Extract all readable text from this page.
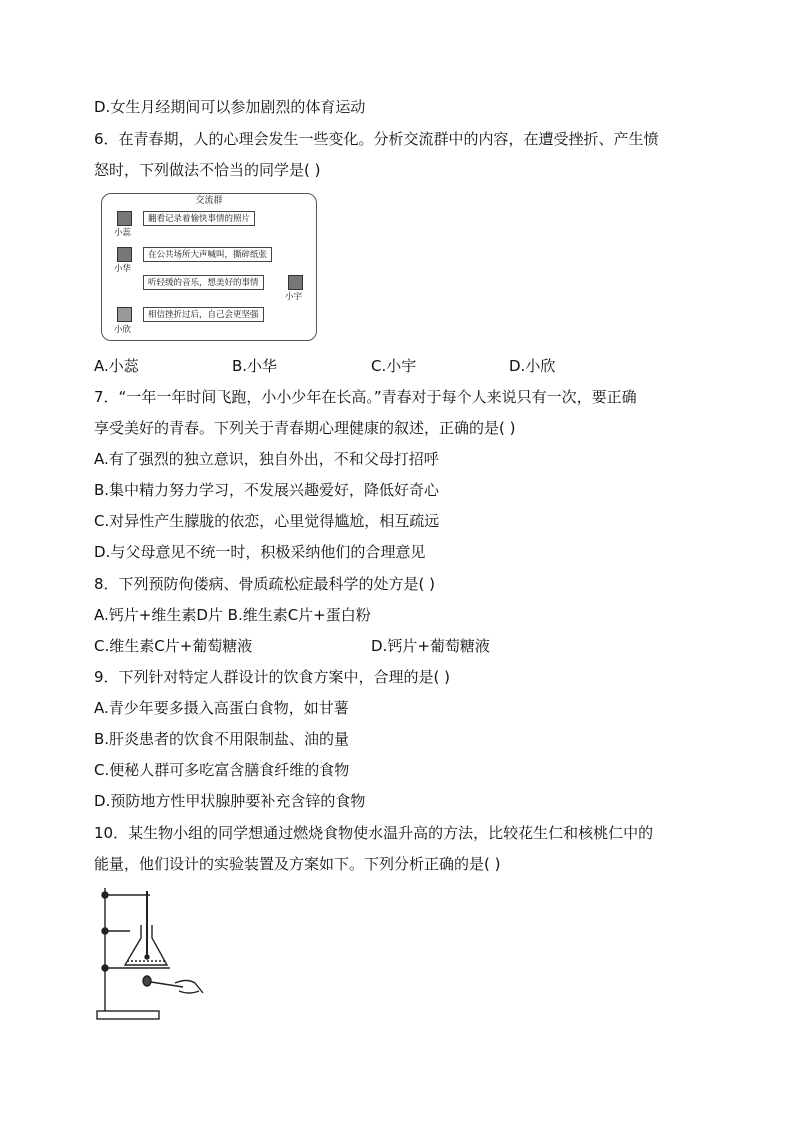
D.女生月经期间可以参加剧烈的体育运动
6．在青春期，人的心理会发生一些变化。分析交流群中的内容，在遭受挫折、产生愤
怒时，下列做法不恰当的同学是( )
交流群
小蕊
翻看记录着愉快事情的照片
小华
在公共场所大声喊叫，撕碎纸张
听轻缓的音乐，想美好的事情
小宇
小欣
相信挫折过后，自己会更坚强
A.小蕊	B.小华	C.小宇	D.小欣
7．“一年一年时间飞跑，小小少年在长高。”青春对于每个人来说只有一次，要正确
享受美好的青春。下列关于青春期心理健康的叙述，正确的是( )
A.有了强烈的独立意识，独自外出，不和父母打招呼
B.集中精力努力学习，不发展兴趣爱好，降低好奇心
C.对异性产生朦胧的依恋，心里觉得尴尬，相互疏远
D.与父母意见不统一时，积极采纳他们的合理意见
8．下列预防佝偻病、骨质疏松症最科学的处方是( )
A.钙片+维生素D片 B.维生素C片+蛋白粉
C.维生素C片+葡萄糖液	D.钙片+葡萄糖液
9．下列针对特定人群设计的饮食方案中，合理的是( )
A.青少年要多摄入高蛋白食物，如甘薯
B.肝炎患者的饮食不用限制盐、油的量
C.便秘人群可多吃富含膳食纤维的食物
D.预防地方性甲状腺肿要补充含锌的食物
10．某生物小组的同学想通过燃烧食物使水温升高的方法，比较花生仁和核桃仁中的
能量，他们设计的实验装置及方案如下。下列分析正确的是( )
